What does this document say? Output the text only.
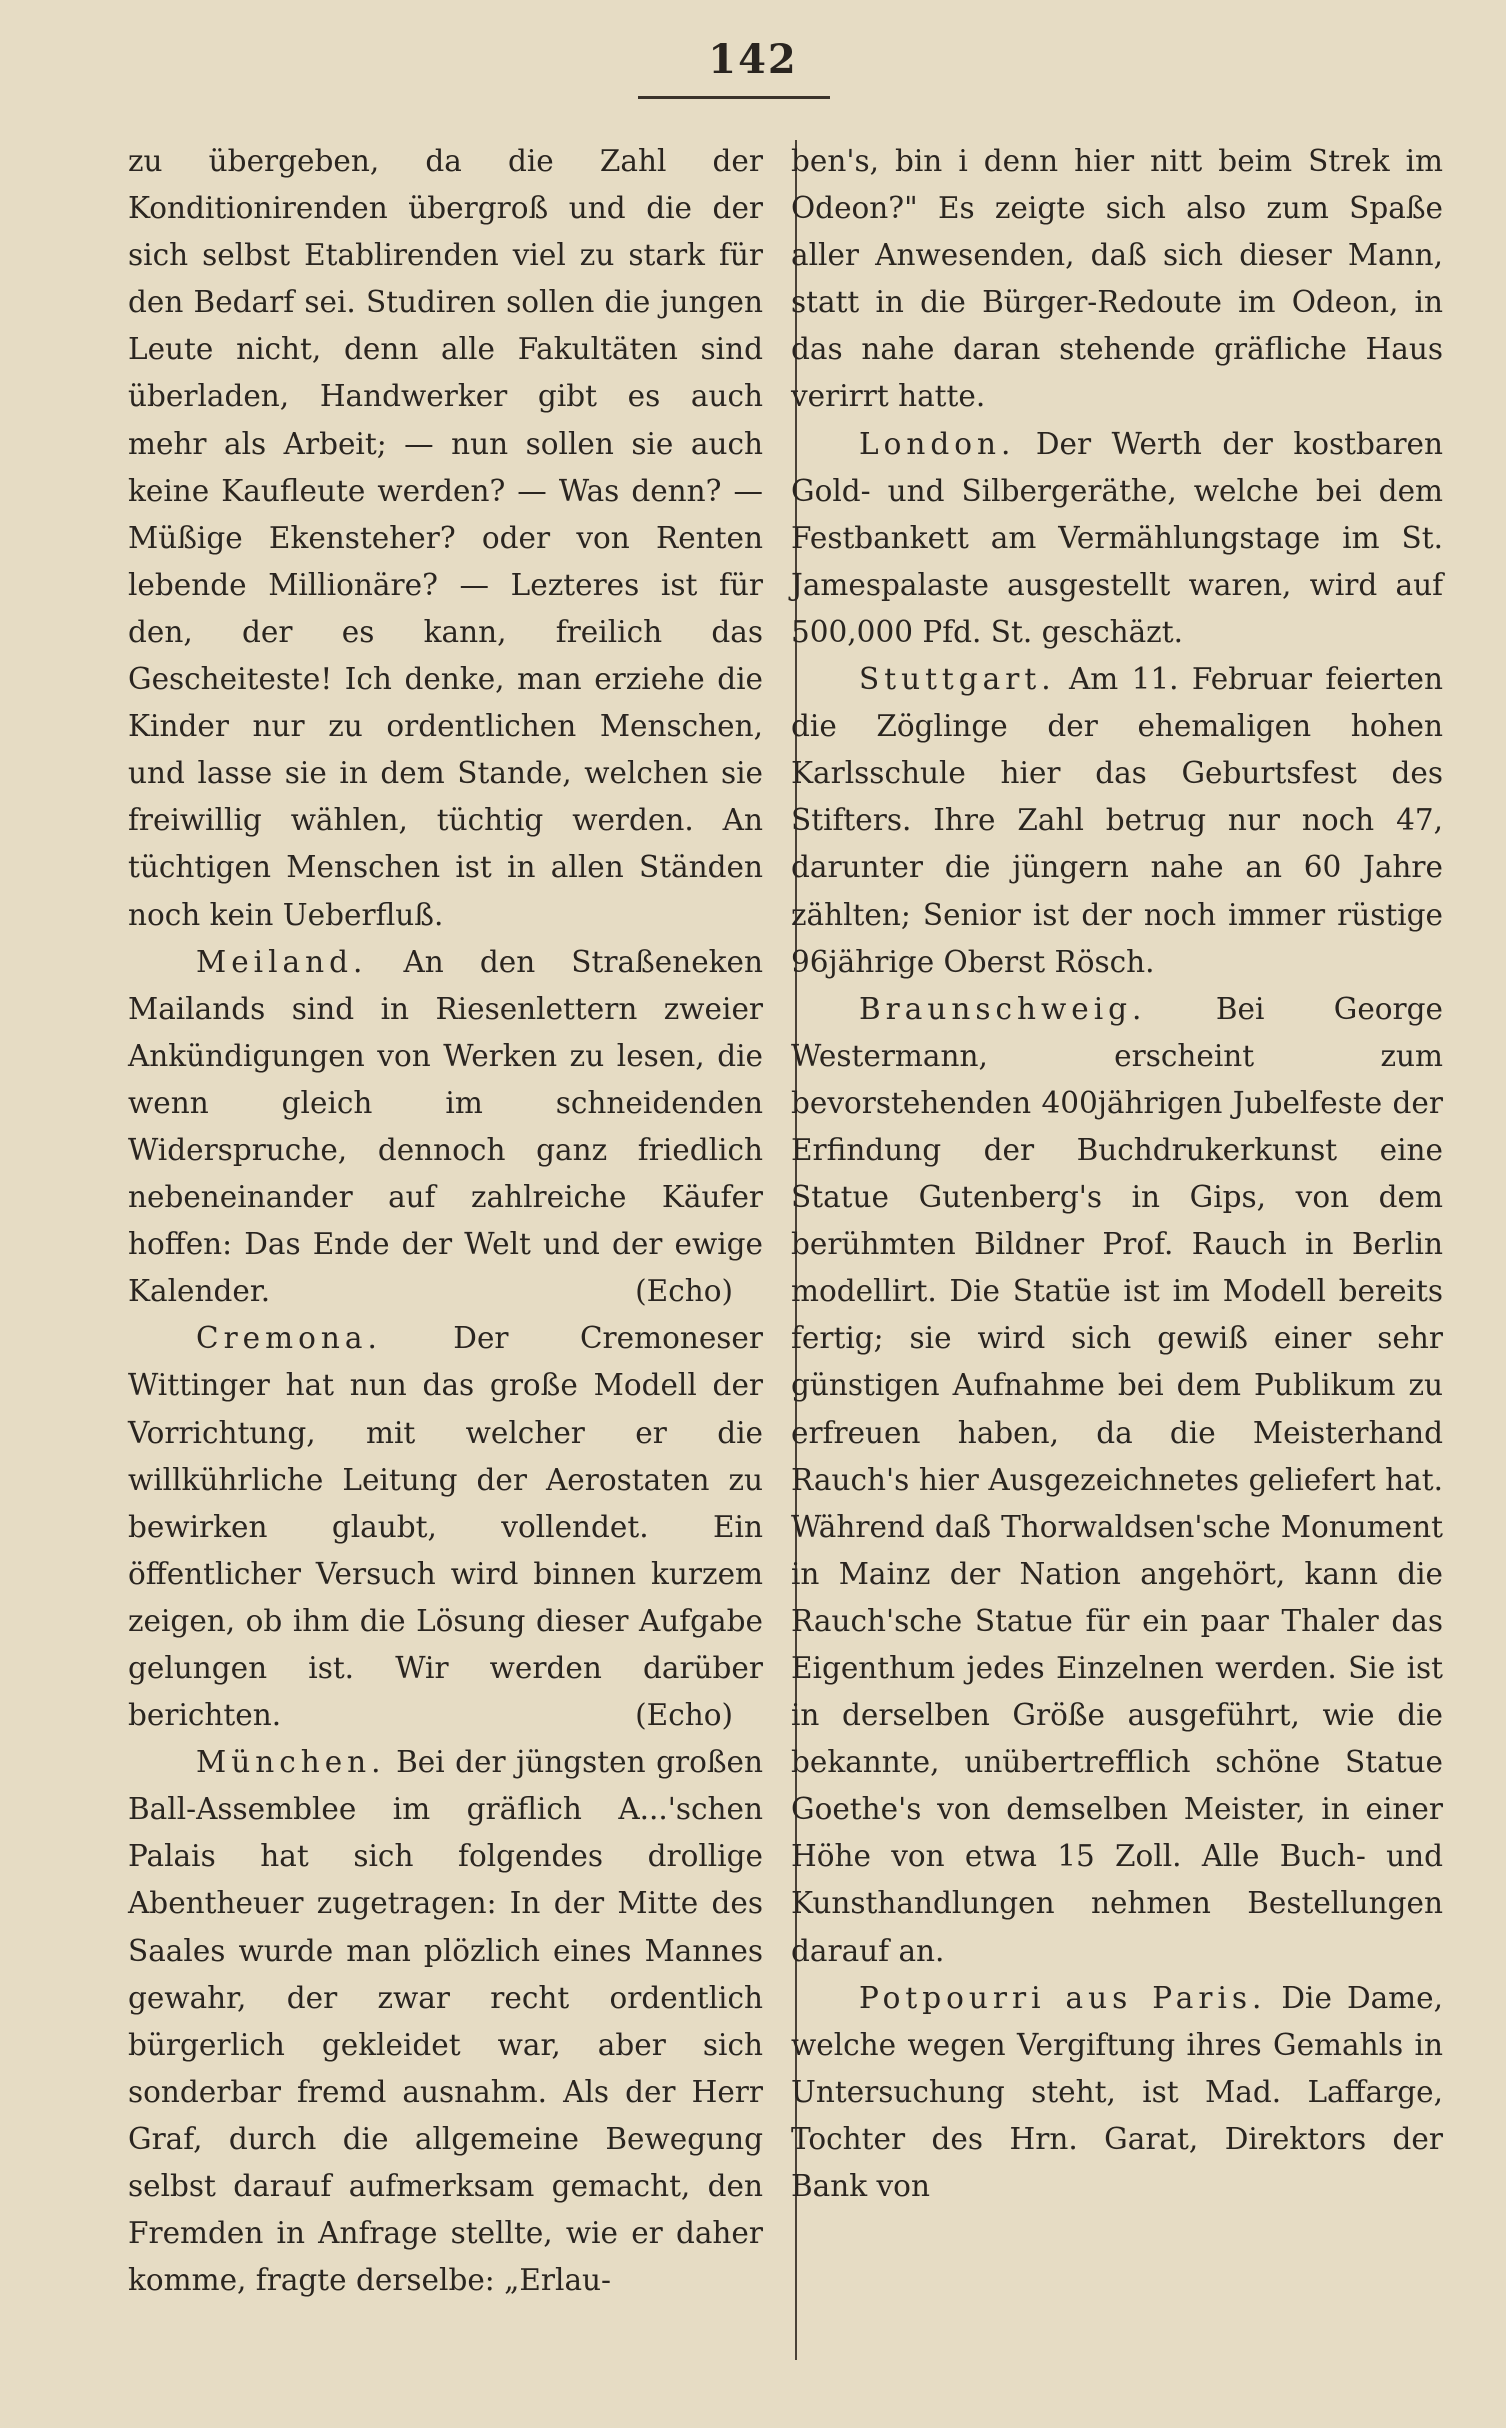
142

zu übergeben, da die Zahl der Konditionirenden übergroß und die der sich selbst Etablirenden viel zu stark für den Bedarf sei. Studiren sollen die jungen Leute nicht, denn alle Fakultäten sind überladen, Handwerker gibt es auch mehr als Arbeit; — nun sollen sie auch keine Kaufleute werden? — Was denn? — Müßige Ekensteher? oder von Renten lebende Millionäre? — Lezteres ist für den, der es kann, freilich das Gescheiteste! Ich denke, man erziehe die Kinder nur zu ordentlichen Menschen, und lasse sie in dem Stande, welchen sie freiwillig wählen, tüchtig werden. An tüchtigen Menschen ist in allen Ständen noch kein Ueberfluß.

Meiland. An den Straßeneken Mailands sind in Riesenlettern zweier Ankündigungen von Werken zu lesen, die wenn gleich im schneidenden Widerspruche, dennoch ganz friedlich nebeneinander auf zahlreiche Käufer hoffen: Das Ende der Welt und der ewige Kalender.	(Echo)

Cremona. Der Cremoneser Wittinger hat nun das große Modell der Vorrichtung, mit welcher er die willkührliche Leitung der Aerostaten zu bewirken glaubt, vollendet. Ein öffentlicher Versuch wird binnen kurzem zeigen, ob ihm die Lösung dieser Aufgabe gelungen ist. Wir werden darüber berichten.	(Echo)

München. Bei der jüngsten großen Ball-Assemblee im gräflich A...'schen Palais hat sich folgendes drollige Abentheuer zugetragen: In der Mitte des Saales wurde man plözlich eines Mannes gewahr, der zwar recht ordentlich bürgerlich gekleidet war, aber sich sonderbar fremd ausnahm. Als der Herr Graf, durch die allgemeine Bewegung selbst darauf aufmerksam gemacht, den Fremden in Anfrage stellte, wie er daher komme, fragte derselbe: „Erlau-

ben's, bin i denn hier nitt beim Strek im Odeon?" Es zeigte sich also zum Spaße aller Anwesenden, daß sich dieser Mann, statt in die Bürger-Redoute im Odeon, in das nahe daran stehende gräfliche Haus verirrt hatte.

London. Der Werth der kostbaren Gold- und Silbergeräthe, welche bei dem Festbankett am Vermählungstage im St. Jamespalaste ausgestellt waren, wird auf 500,000 Pfd. St. geschäzt.

Stuttgart. Am 11. Februar feierten die Zöglinge der ehemaligen hohen Karlsschule hier das Geburtsfest des Stifters. Ihre Zahl betrug nur noch 47, darunter die jüngern nahe an 60 Jahre zählten; Senior ist der noch immer rüstige 96jährige Oberst Rösch.

Braunschweig. Bei George Westermann, erscheint zum bevorstehenden 400jährigen Jubelfeste der Erfindung der Buchdrukerkunst eine Statue Gutenberg's in Gips, von dem berühmten Bildner Prof. Rauch in Berlin modellirt. Die Statüe ist im Modell bereits fertig; sie wird sich gewiß einer sehr günstigen Aufnahme bei dem Publikum zu erfreuen haben, da die Meisterhand Rauch's hier Ausgezeichnetes geliefert hat. Während daß Thorwaldsen'sche Monument in Mainz der Nation angehört, kann die Rauch'sche Statue für ein paar Thaler das Eigenthum jedes Einzelnen werden. Sie ist in derselben Größe ausgeführt, wie die bekannte, unübertrefflich schöne Statue Goethe's von demselben Meister, in einer Höhe von etwa 15 Zoll. Alle Buch- und Kunsthandlungen nehmen Bestellungen darauf an.

Potpourri aus Paris. Die Dame, welche wegen Vergiftung ihres Gemahls in Untersuchung steht, ist Mad. Laffarge, Tochter des Hrn. Garat, Direktors der Bank von
